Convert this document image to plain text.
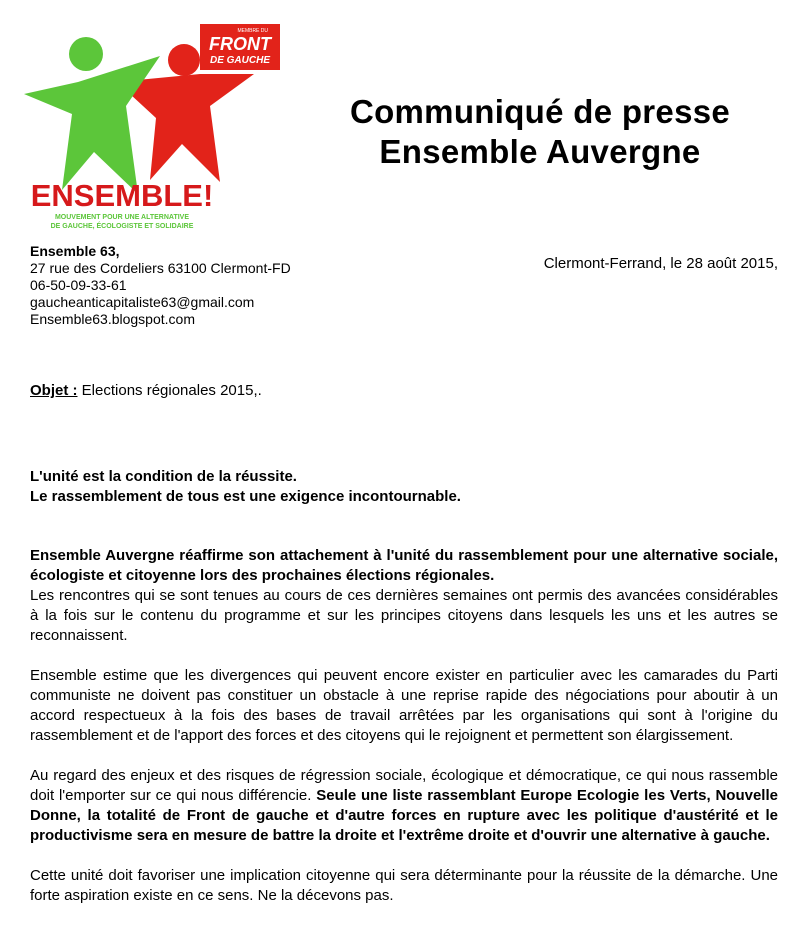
MEMBRE DU
FRONT
DE GAUCHE
ENSEMBLE!
MOUVEMENT POUR UNE ALTERNATIVE
DE GAUCHE, ÉCOLOGISTE ET SOLIDAIRE
Communiqué de presse
Ensemble Auvergne
Ensemble 63,
27 rue des Cordeliers 63100 Clermont-FD
06-50-09-33-61
gaucheanticapitaliste63@gmail.com
Ensemble63.blogspot.com
Clermont-Ferrand, le 28 août 2015,
Objet : Elections régionales 2015,.
L'unité est la condition de la réussite.
Le rassemblement de tous est une exigence incontournable.

Ensemble Auvergne réaffirme son attachement à l'unité du rassemblement pour une alternative sociale, écologiste et citoyenne lors des prochaines élections régionales.
Les rencontres qui se sont tenues au cours de ces dernières semaines ont permis des avancées considérables à la fois sur le contenu du programme et sur les principes citoyens dans lesquels les uns et les autres se reconnaissent.

Ensemble estime que les divergences qui peuvent encore exister en particulier avec les camarades du Parti communiste ne doivent pas constituer un obstacle à une reprise rapide des négociations pour aboutir à un accord respectueux à la fois des bases de travail arrêtées par les organisations qui sont à l'origine du rassemblement et de l'apport des forces et des citoyens qui le rejoignent et permettent son élargissement.

Au regard des enjeux et des risques de régression sociale, écologique et démocratique, ce qui nous rassemble doit l'emporter sur ce qui nous différencie. Seule une liste rassemblant Europe Ecologie les Verts, Nouvelle Donne, la totalité de Front de gauche et d'autre forces en rupture avec les politique d'austérité et le productivisme sera en mesure de battre la droite et l'extrême droite et d'ouvrir une alternative à gauche.

Cette unité doit favoriser une implication citoyenne qui sera déterminante pour la réussite de la démarche. Une forte aspiration existe en ce sens. Ne la décevons pas.
